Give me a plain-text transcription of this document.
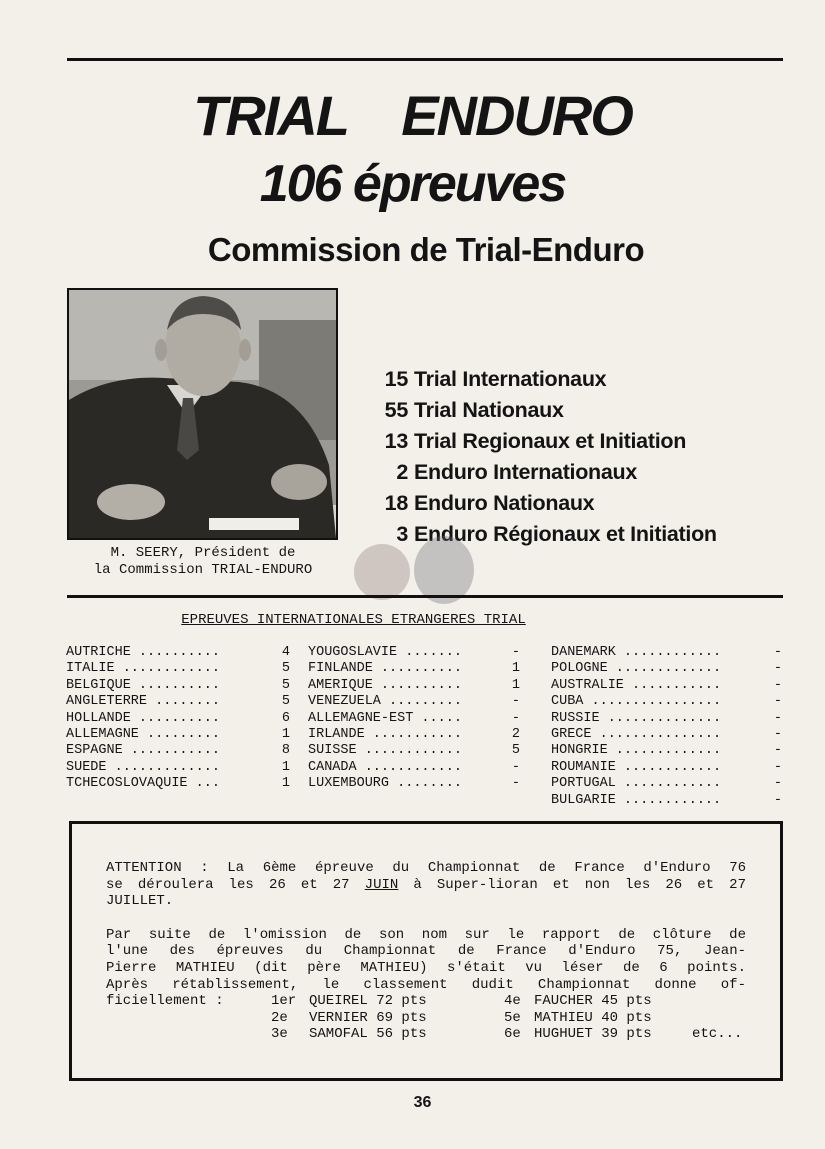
TRIAL    ENDURO
106 épreuves
Commission de Trial-Enduro
M. SEERY, Président de
la Commission TRIAL-ENDURO
15 Trial Internationaux
55 Trial Nationaux
13 Trial Regionaux et Initiation
2 Enduro Internationaux
18 Enduro Nationaux
3 Enduro Régionaux et Initiation
EPREUVES INTERNATIONALES ETRANGERES TRIAL
AUTRICHE ..........	4
ITALIE ............	5
BELGIQUE ..........	5
ANGLETERRE ........	5
HOLLANDE ..........	6
ALLEMAGNE .........	1
ESPAGNE ...........	8
SUEDE .............	1
TCHECOSLOVAQUIE ...	1
YOUGOSLAVIE .......	-
FINLANDE ..........	1
AMERIQUE ..........	1
VENEZUELA .........	-
ALLEMAGNE-EST .....	-
IRLANDE ...........	2
SUISSE ............	5
CANADA ............	-
LUXEMBOURG ........	-
DANEMARK ............	-
POLOGNE .............	-
AUSTRALIE ...........	-
CUBA ................	-
RUSSIE ..............	-
GRECE ...............	-
HONGRIE .............	-
ROUMANIE ............	-
PORTUGAL ............	-
BULGARIE ............	-
ATTENTION : La 6ème épreuve du Championnat de France d'Enduro 76
se déroulera les 26 et 27 JUIN à Super-lioran et non les 26 et 27
JUILLET.
Par suite de l'omission de son nom sur le rapport de clôture de
l'une des épreuves du Championnat de France d'Enduro 75, Jean-
Pierre MATHIEU (dit père MATHIEU) s'était vu léser de 6 points.
Après rétablissement, le classement dudit Championnat donne of-
ficiellement :	1er QUEIREL 72 pts	4e FAUCHER 45 pts
2e	VERNIER 69 pts	5e MATHIEU 40 pts
3e	SAMOFAL 56 pts	6e HUGHUET 39 pts	etc...
36
